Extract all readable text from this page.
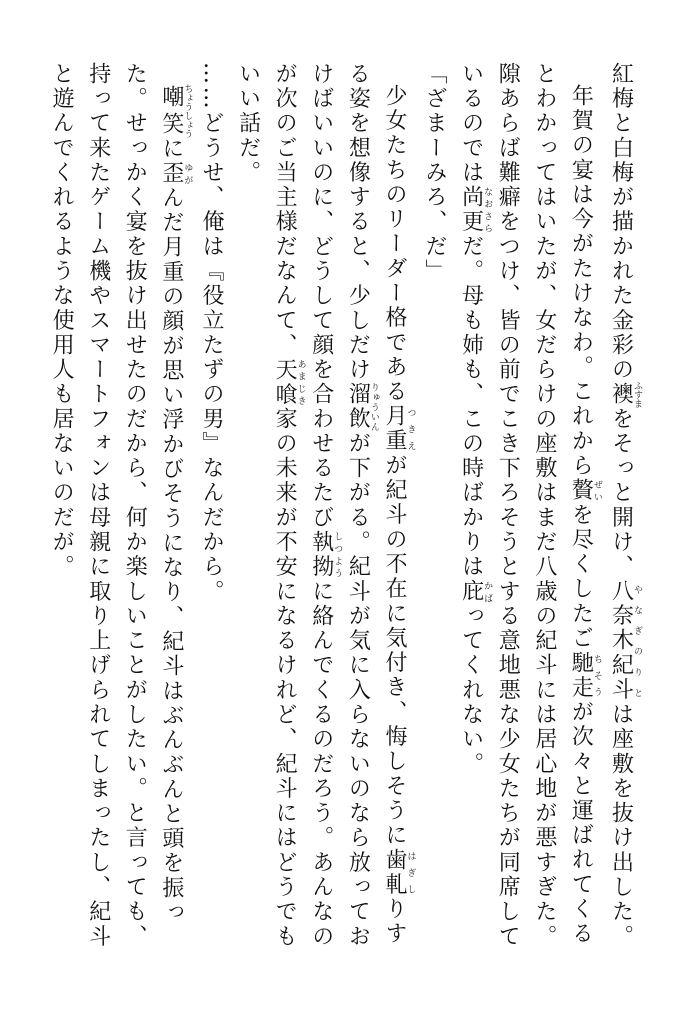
紅梅と白梅が描かれた金彩の襖ふすまをそっと開け、八奈木紀斗やなぎのりとは座敷を抜け出した。

年賀の宴は今がたけなわ。これから贅ぜいを尽くしたご馳走ちそうが次々と運ばれてくるとわかってはいたが、女だらけの座敷はまだ八歳の紀斗には居心地が悪すぎた。隙あらば難癖をつけ、皆の前でこき下ろそうとする意地悪な少女たちが同席しているのでは尚更なおさらだ。母も姉も、この時ばかりは庇かばってくれない。

「ざまーみろ、だ」

少女たちのリーダー格である月重つきえが紀斗の不在に気付き、悔しそうに歯軋はぎしりする姿を想像すると、少しだけ溜飲りゅういんが下がる。紀斗が気に入らないのなら放っておけばいいのに、どうして顔を合わせるたび執拗しつように絡んでくるのだろう。あんなのが次のご当主様だなんて、天喰あまじき家の未来が不安になるけれど、紀斗にはどうでもいい話だ。

……どうせ、俺は『役立たずの男』なんだから。

嘲笑ちょうしょうに歪ゆがんだ月重の顔が思い浮かびそうになり、紀斗はぶんぶんと頭を振った。せっかく宴を抜け出せたのだから、何か楽しいことがしたい。と言っても、持って来たゲーム機やスマートフォンは母親に取り上げられてしまったし、紀斗と遊んでくれるような使用人も居ないのだが。
